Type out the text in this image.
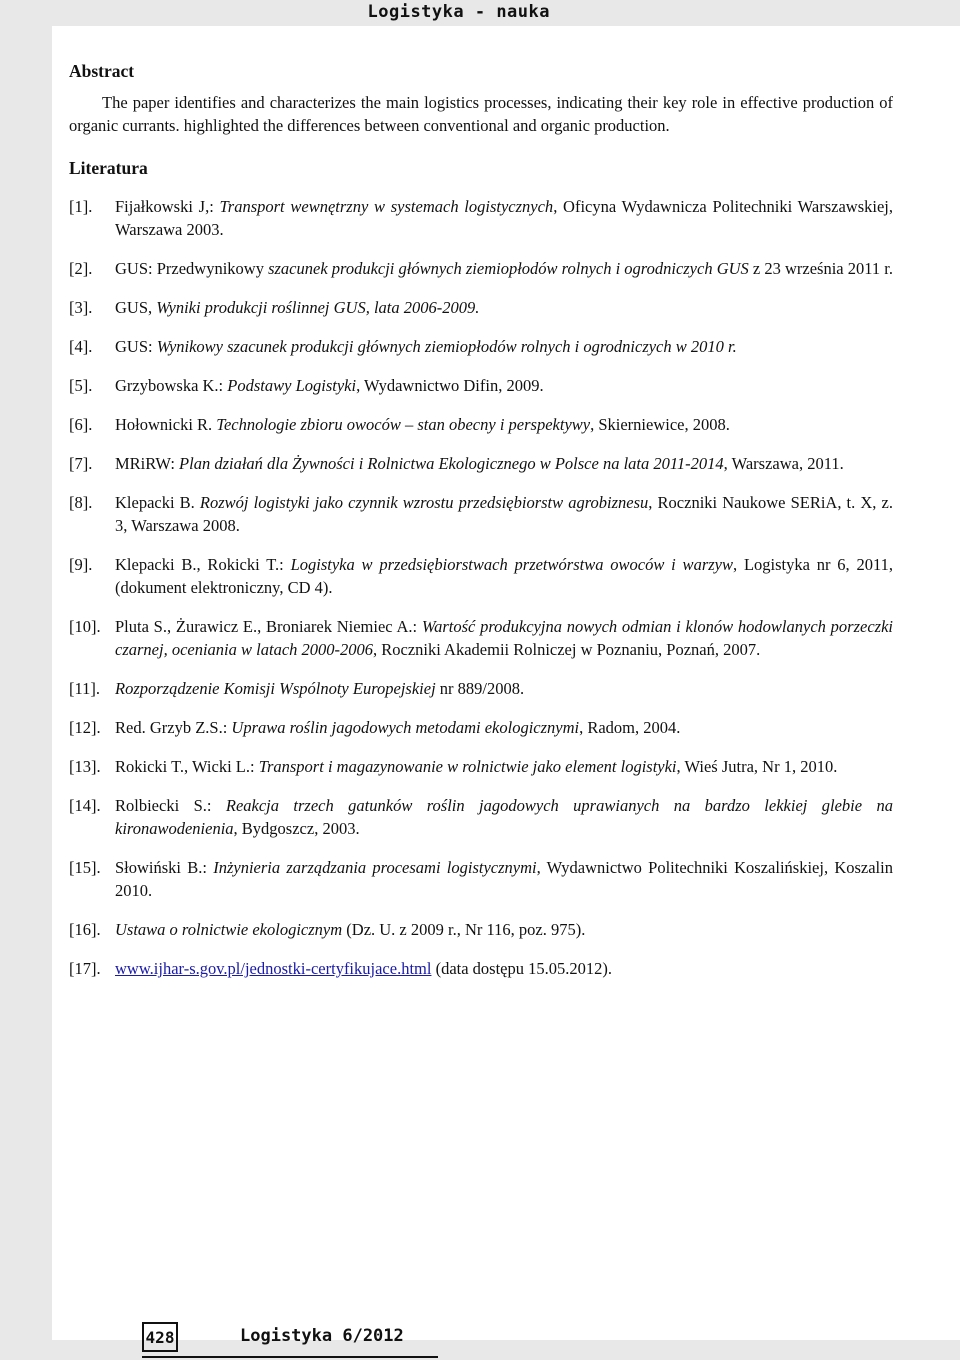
Logistyka - nauka
Abstract

The paper identifies and characterizes the main logistics processes, indicating their key role in effective production of organic currants. highlighted the differences between conventional and organic production.

Literatura
[1].	Fijałkowski J,: Transport wewnętrzny w systemach logistycznych, Oficyna Wydawnicza Politechniki Warszawskiej, Warszawa 2003.
[2].	GUS: Przedwynikowy szacunek produkcji głównych ziemiopłodów rolnych i ogrodniczych GUS z 23 września 2011 r.
[3].	GUS, Wyniki produkcji roślinnej GUS, lata 2006-2009.
[4].	GUS: Wynikowy szacunek produkcji głównych ziemiopłodów rolnych i ogrodniczych w 2010 r.
[5].	Grzybowska K.: Podstawy Logistyki, Wydawnictwo Difin, 2009.
[6].	Hołownicki R. Technologie zbioru owoców – stan obecny i perspektywy, Skierniewice, 2008.
[7].	MRiRW: Plan działań dla Żywności i Rolnictwa Ekologicznego w Polsce na lata 2011-2014, Warszawa, 2011.
[8].	Klepacki B. Rozwój logistyki jako czynnik wzrostu przedsiębiorstw agrobiznesu, Roczniki Naukowe SERiA, t. X, z. 3, Warszawa 2008.
[9].	Klepacki B., Rokicki T.: Logistyka w przedsiębiorstwach przetwórstwa owoców i warzyw, Logistyka nr 6, 2011, (dokument elektroniczny, CD 4).
[10]. Pluta S., Żurawicz E., Broniarek Niemiec A.: Wartość produkcyjna nowych odmian i klonów hodowlanych porzeczki czarnej, oceniania w latach 2000-2006, Roczniki Akademii Rolniczej w Poznaniu, Poznań, 2007.
[11]. Rozporządzenie Komisji Wspólnoty Europejskiej nr 889/2008.
[12]. Red. Grzyb Z.S.: Uprawa roślin jagodowych metodami ekologicznymi, Radom, 2004.
[13]. Rokicki T., Wicki L.: Transport i magazynowanie w rolnictwie jako element logistyki, Wieś Jutra, Nr 1, 2010.
[14]. Rolbiecki S.: Reakcja trzech gatunków roślin jagodowych uprawianych na bardzo lekkiej glebie na kironawodenienia, Bydgoszcz, 2003.
[15]. Słowiński B.: Inżynieria zarządzania procesami logistycznymi, Wydawnictwo Politechniki Koszalińskiej, Koszalin 2010.
[16]. Ustawa o rolnictwie ekologicznym (Dz. U. z 2009 r., Nr 116, poz. 975).
[17]. www.ijhar-s.gov.pl/jednostki-certyfikujace.html (data dostępu 15.05.2012).
428	Logistyka 6/2012
